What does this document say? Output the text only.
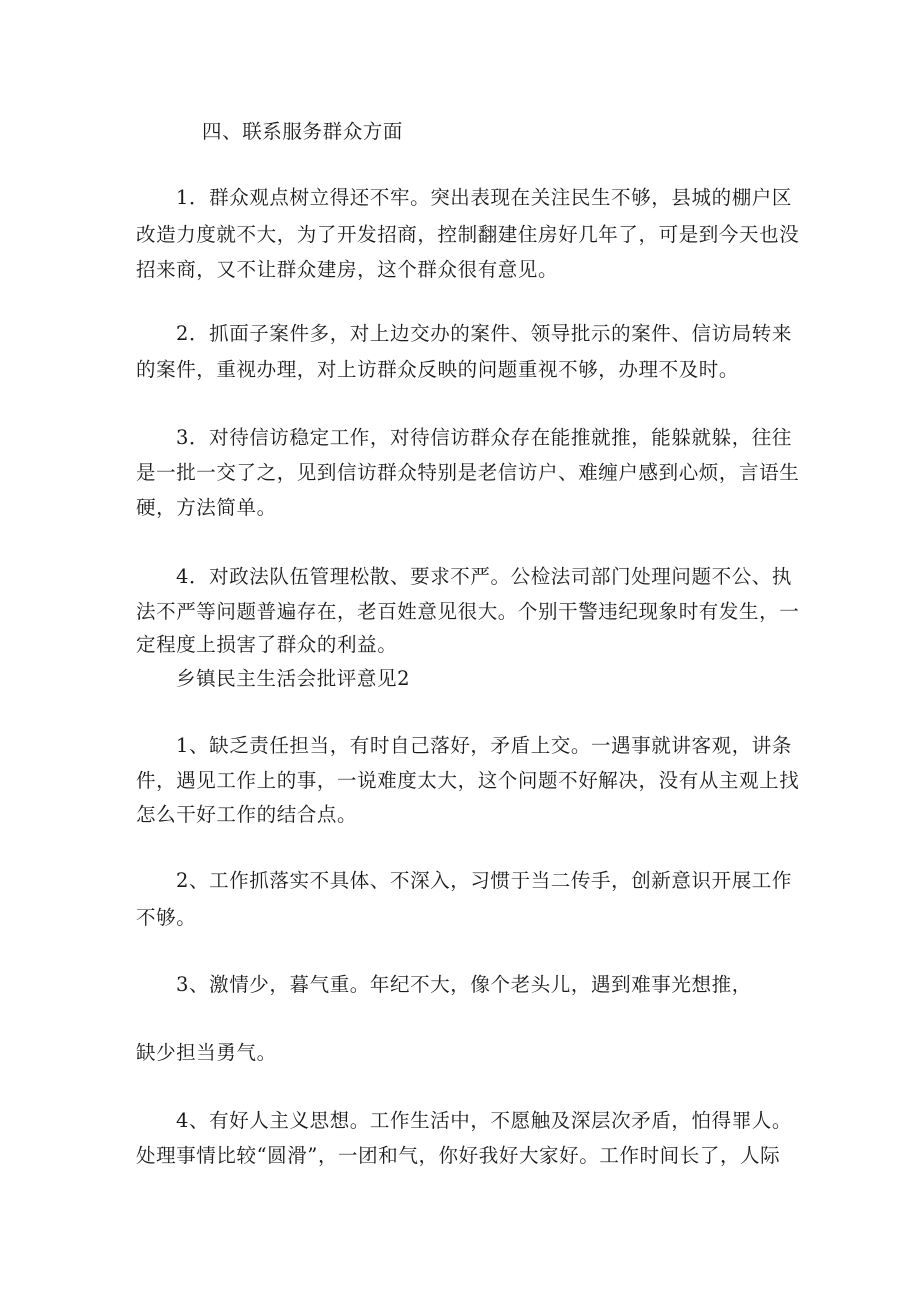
四、联系服务群众方面
1．群众观点树立得还不牢。突出表现在关注民生不够，县城的棚户区
改造力度就不大，为了开发招商，控制翻建住房好几年了，可是到今天也没
招来商，又不让群众建房，这个群众很有意见。
2．抓面子案件多，对上边交办的案件、领导批示的案件、信访局转来
的案件，重视办理，对上访群众反映的问题重视不够，办理不及时。
3．对待信访稳定工作，对待信访群众存在能推就推，能躲就躲，往往
是一批一交了之，见到信访群众特别是老信访户、难缠户感到心烦，言语生
硬，方法简单。
4．对政法队伍管理松散、要求不严。公检法司部门处理问题不公、执
法不严等问题普遍存在，老百姓意见很大。个别干警违纪现象时有发生，一
定程度上损害了群众的利益。
乡镇民主生活会批评意见2
1、缺乏责任担当，有时自己落好，矛盾上交。一遇事就讲客观，讲条
件，遇见工作上的事，一说难度太大，这个问题不好解决，没有从主观上找
怎么干好工作的结合点。
2、工作抓落实不具体、不深入，习惯于当二传手，创新意识开展工作
不够。
3、激情少，暮气重。年纪不大，像个老头儿，遇到难事光想推，
缺少担当勇气。
4、有好人主义思想。工作生活中，不愿触及深层次矛盾，怕得罪人。
处理事情比较“圆滑”，一团和气，你好我好大家好。工作时间长了，人际
